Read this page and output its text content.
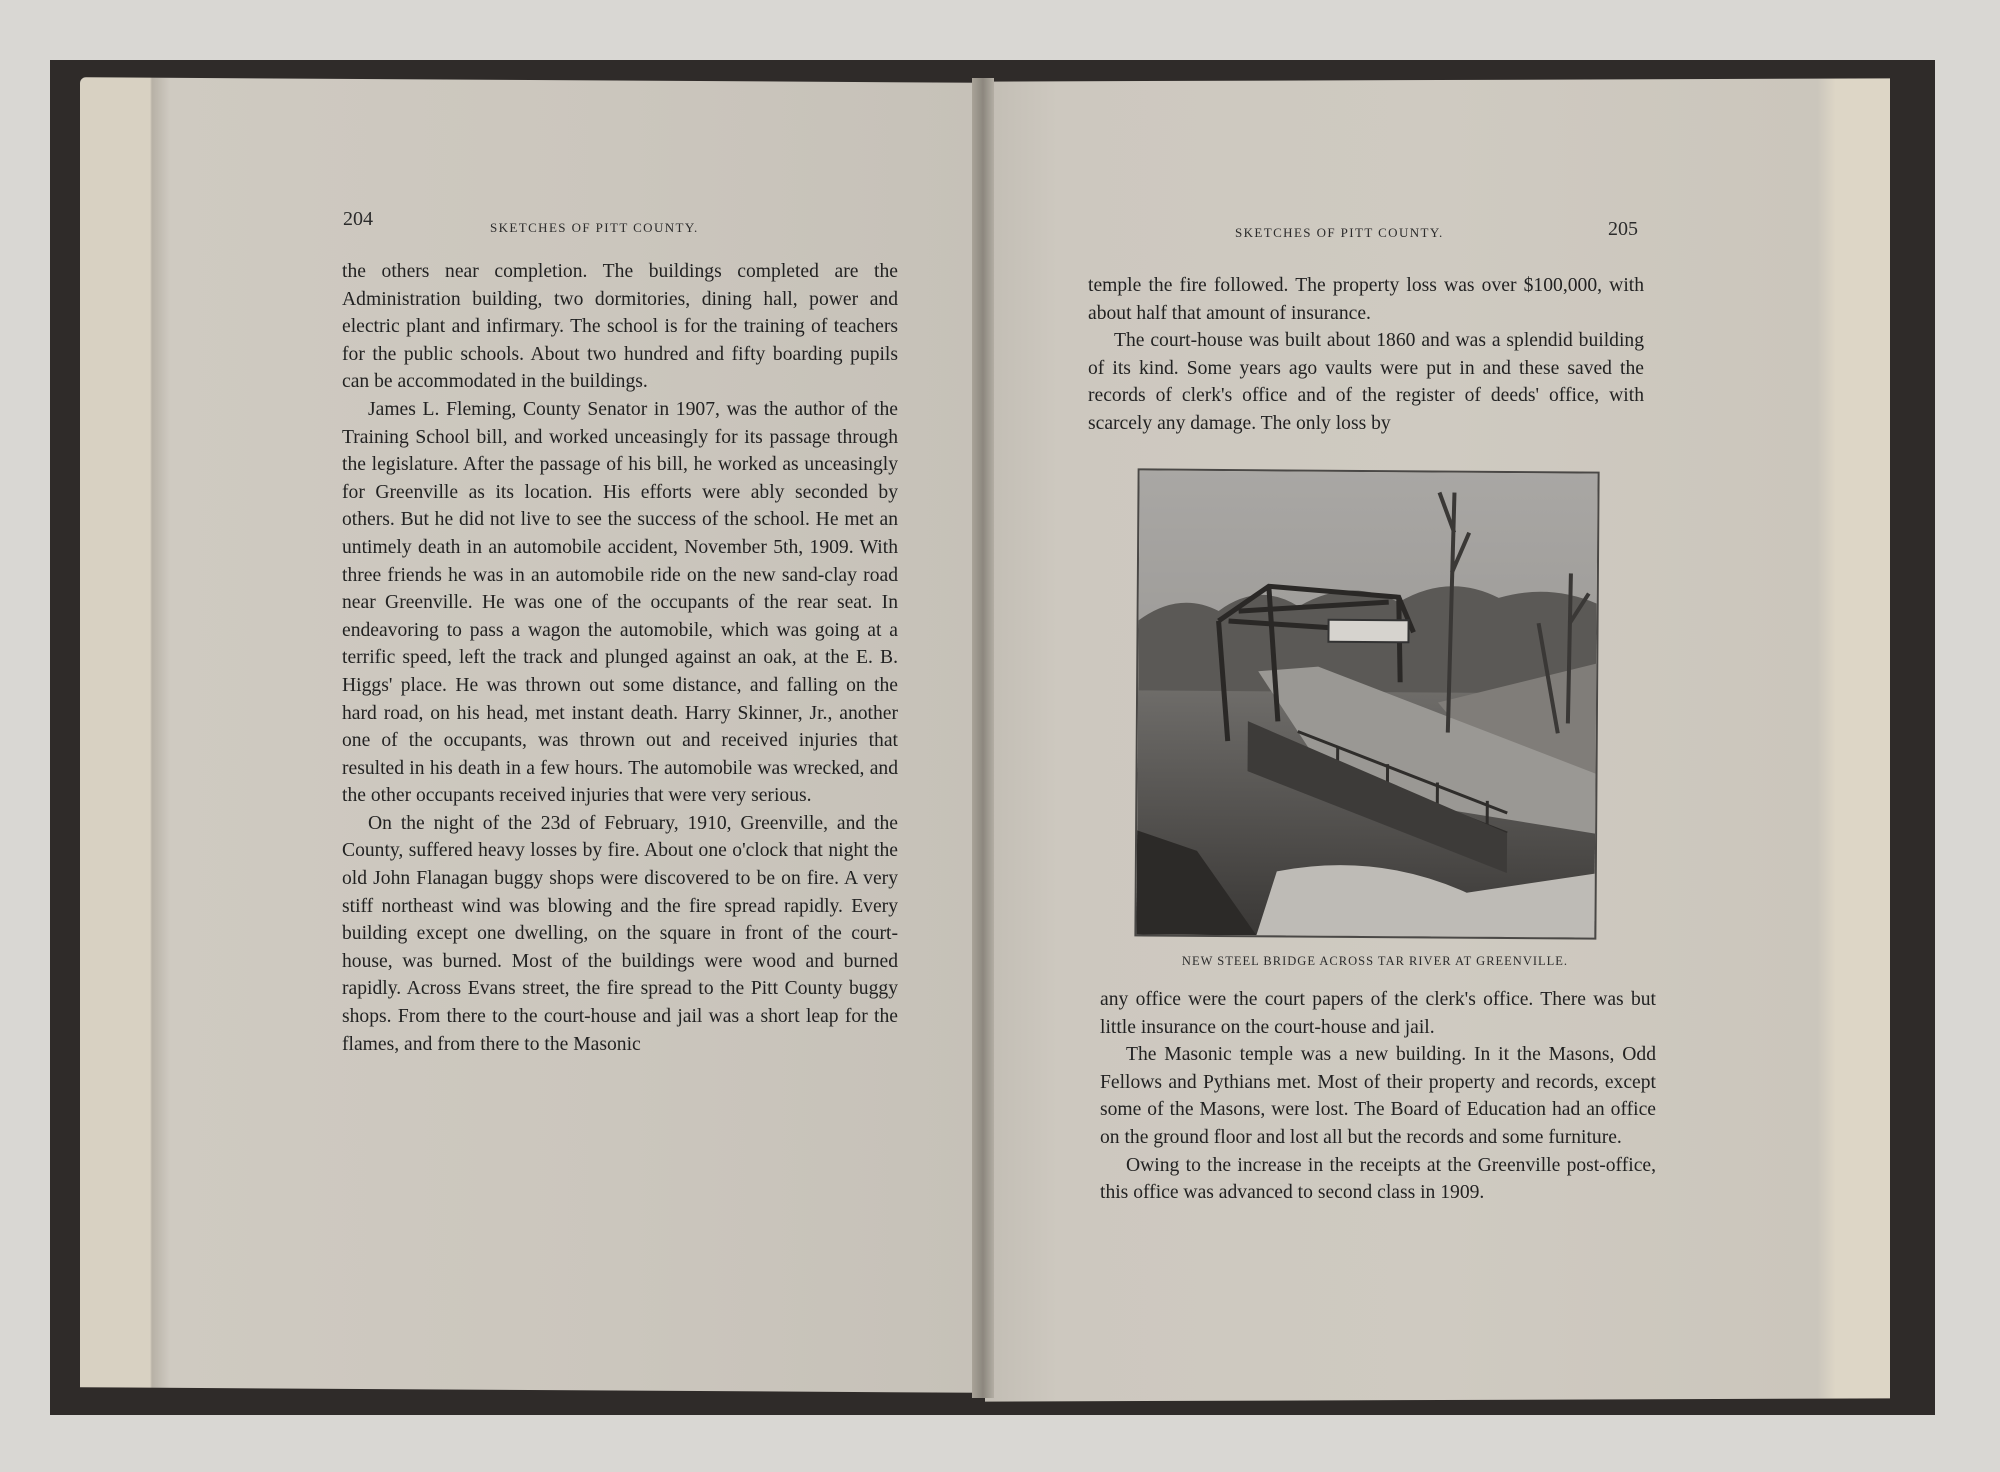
204	SKETCHES OF PITT COUNTY.

the others near completion. The buildings completed are the Administration building, two dormitories, dining hall, power and electric plant and infirmary. The school is for the training of teachers for the public schools. About two hundred and fifty boarding pupils can be accommodated in the buildings.

James L. Fleming, County Senator in 1907, was the author of the Training School bill, and worked unceasingly for its passage through the legislature. After the passage of his bill, he worked as unceasingly for Greenville as its location. His efforts were ably seconded by others. But he did not live to see the success of the school. He met an untimely death in an automobile accident, November 5th, 1909. With three friends he was in an automobile ride on the new sand-clay road near Greenville. He was one of the occupants of the rear seat. In endeavoring to pass a wagon the automobile, which was going at a terrific speed, left the track and plunged against an oak, at the E. B. Higgs' place. He was thrown out some distance, and falling on the hard road, on his head, met instant death. Harry Skinner, Jr., another one of the occupants, was thrown out and received injuries that resulted in his death in a few hours. The automobile was wrecked, and the other occupants received injuries that were very serious.

On the night of the 23d of February, 1910, Greenville, and the County, suffered heavy losses by fire. About one o'clock that night the old John Flanagan buggy shops were discovered to be on fire. A very stiff northeast wind was blowing and the fire spread rapidly. Every building except one dwelling, on the square in front of the court-house, was burned. Most of the buildings were wood and burned rapidly. Across Evans street, the fire spread to the Pitt County buggy shops. From there to the court-house and jail was a short leap for the flames, and from there to the Masonic

SKETCHES OF PITT COUNTY.	205

temple the fire followed. The property loss was over $100,000, with about half that amount of insurance.

The court-house was built about 1860 and was a splendid building of its kind. Some years ago vaults were put in and these saved the records of clerk's office and of the register of deeds' office, with scarcely any damage. The only loss by

NEW STEEL BRIDGE ACROSS TAR RIVER AT GREENVILLE.

any office were the court papers of the clerk's office. There was but little insurance on the court-house and jail.

The Masonic temple was a new building. In it the Masons, Odd Fellows and Pythians met. Most of their property and records, except some of the Masons, were lost. The Board of Education had an office on the ground floor and lost all but the records and some furniture.

Owing to the increase in the receipts at the Greenville post-office, this office was advanced to second class in 1909.
